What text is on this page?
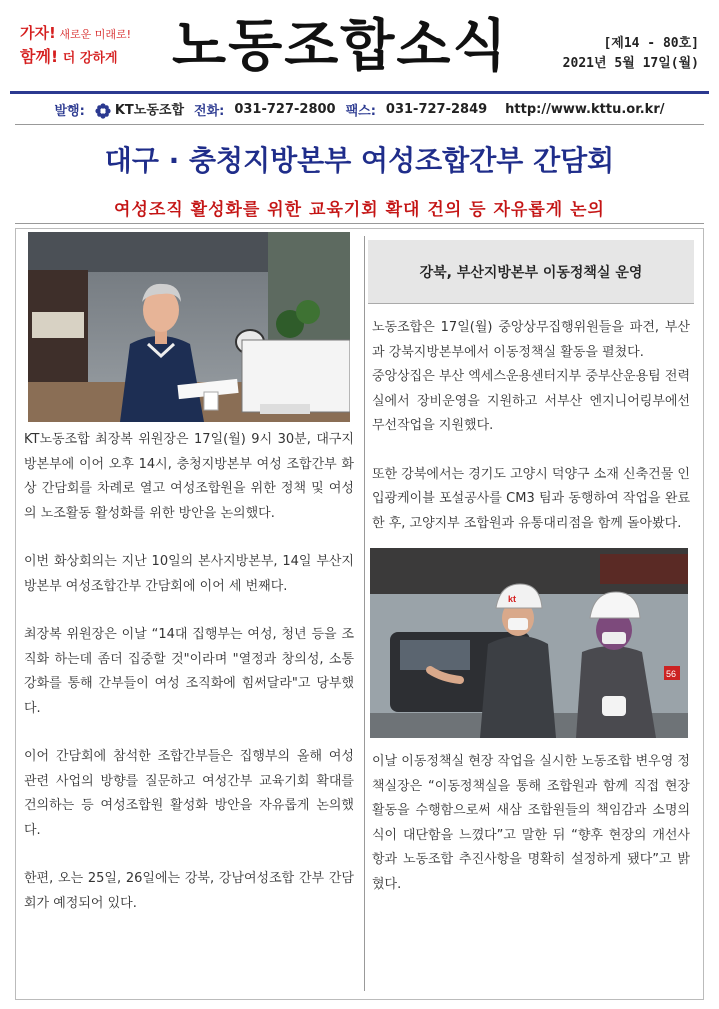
가자! 새로운 미래로!
함께! 더 강하게 노동조합소식	[제14 - 80호]
2021년 5월 17일(월)
발행:	KT노동조합 전화: 031-727-2800 팩스: 031-727-2849 http://www.kttu.or.kr/
대구 · 충청지방본부 여성조합간부 간담회
여성조직 활성화를 위한 교육기회 확대 건의 등 자유롭게 논의

KT노동조합 최장복 위원장은 17일(월) 9시 30분, 대구지방본부에 이어 오후 14시, 충청지방본부 여성 조합간부 화상 간담회를 차례로 열고 여성조합원을 위한 정책 및 여성의 노조활동 활성화를 위한 방안을 논의했다.

이번 화상회의는 지난 10일의 본사지방본부, 14일 부산지방본부 여성조합간부 간담회에 이어 세 번째다.

최장복 위원장은 이날 “14대 집행부는 여성, 청년 등을 조직화 하는데 좀더 집중할 것"이라며 "열정과 창의성, 소통강화를 통해 간부들이 여성 조직화에 힘써달라"고 당부했다.

이어 간담회에 참석한 조합간부들은 집행부의 올해 여성 관련 사업의 방향를 질문하고 여성간부 교육기회 확대를 건의하는 등 여성조합원 활성화 방안을 자유롭게 논의했다.

한편, 오는 25일, 26일에는 강북, 강남여성조합 간부 간담회가 예정되어 있다.

강북, 부산지방본부 이동정책실 운영

노동조합은 17일(월) 중앙상무집행위원들을 파견, 부산과 강북지방본부에서 이동정책실 활동을 펼쳤다.

중앙상집은 부산 엑세스운용센터지부 중부산운용팀 전력실에서 장비운영을 지원하고 서부산 엔지니어링부에선 무선작업을 지원했다.

또한 강북에서는 경기도 고양시 덕양구 소재 신축건물 인입광케이블 포설공사를 CM3 팀과 동행하여 작업을 완료한 후, 고양지부 조합원과 유통대리점을 함께 돌아봤다.

kt
56

이날 이동정책실 현장 작업을 실시한 노동조합 변우영 정책실장은 “이동정책실을 통해 조합원과 함께 직접 현장활동을 수행함으로써 새삼 조합원들의 책임감과 소명의식이 대단함을 느꼈다”고 말한 뒤 “향후 현장의 개선사항과 노동조합 추진사항을 명확히 설정하게 됐다”고 밝혔다.
